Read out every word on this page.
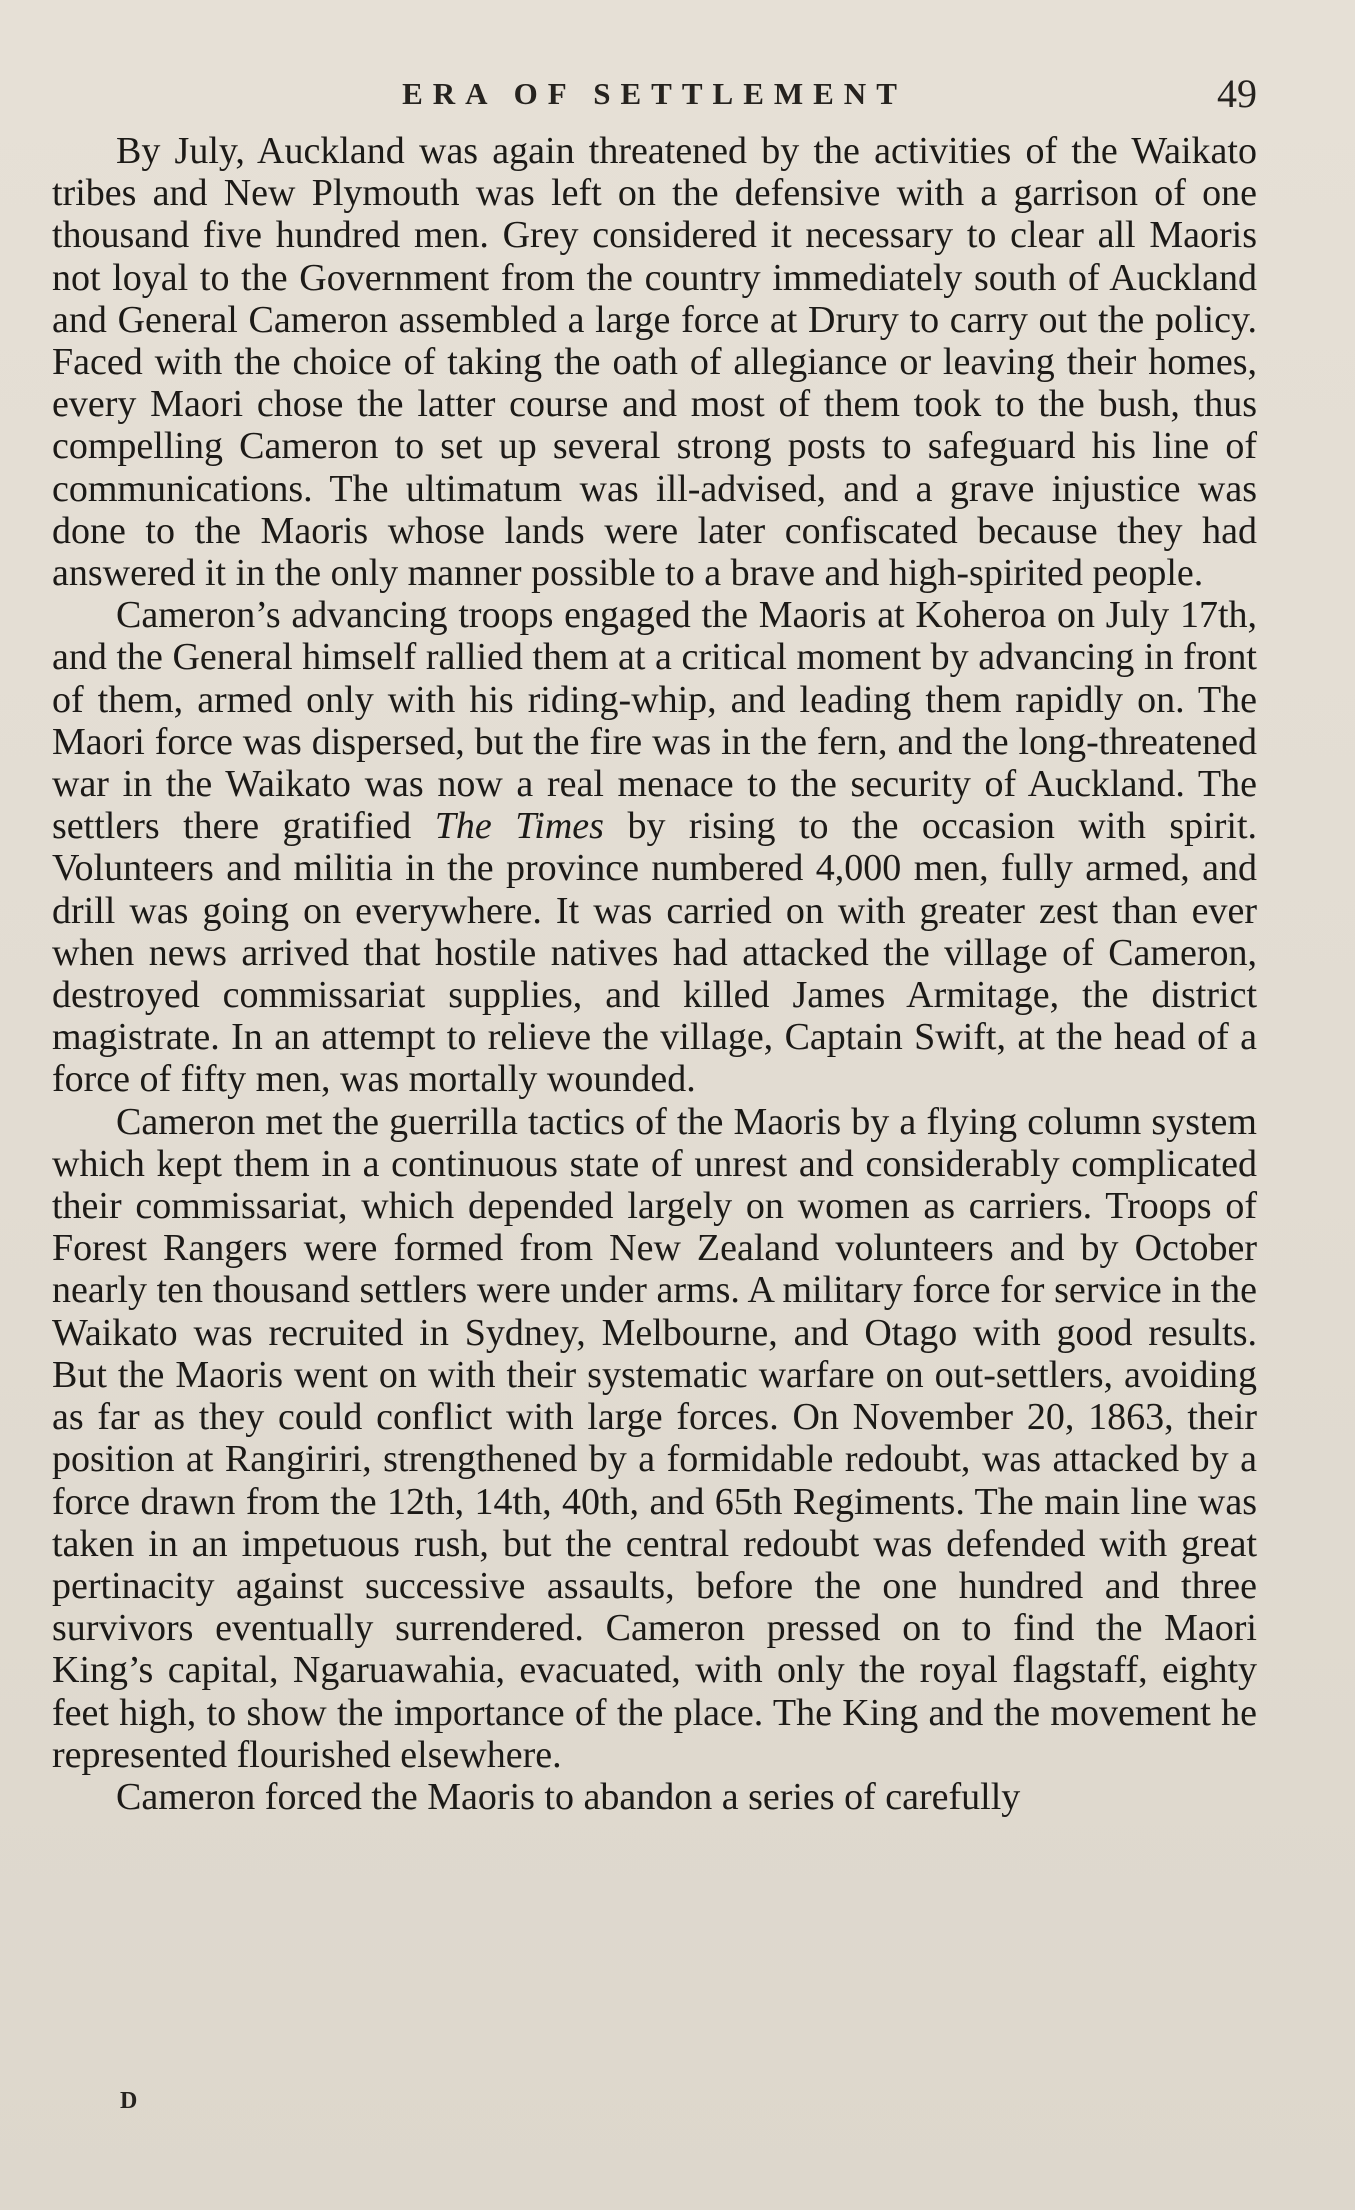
ERA OF SETTLEMENT	49

By July, Auckland was again threatened by the activities of the Waikato tribes and New Plymouth was left on the defensive with a garrison of one thousand five hundred men. Grey considered it necessary to clear all Maoris not loyal to the Government from the country immediately south of Auckland and General Cameron assembled a large force at Drury to carry out the policy. Faced with the choice of taking the oath of allegiance or leaving their homes, every Maori chose the latter course and most of them took to the bush, thus compelling Cameron to set up several strong posts to safeguard his line of communications. The ultimatum was ill-advised, and a grave injustice was done to the Maoris whose lands were later confiscated because they had answered it in the only manner possible to a brave and high-spirited people.

Cameron’s advancing troops engaged the Maoris at Koheroa on July 17th, and the General himself rallied them at a critical moment by advancing in front of them, armed only with his riding-whip, and leading them rapidly on. The Maori force was dispersed, but the fire was in the fern, and the long-threatened war in the Waikato was now a real menace to the security of Auckland. The settlers there gratified The Times by rising to the occasion with spirit. Volunteers and militia in the province numbered 4,000 men, fully armed, and drill was going on everywhere. It was carried on with greater zest than ever when news arrived that hostile natives had attacked the village of Cameron, destroyed commissariat supplies, and killed James Armitage, the district magistrate. In an attempt to relieve the village, Captain Swift, at the head of a force of fifty men, was mortally wounded.

Cameron met the guerrilla tactics of the Maoris by a flying column system which kept them in a continuous state of unrest and considerably complicated their commissariat, which depended largely on women as carriers. Troops of Forest Rangers were formed from New Zealand volunteers and by October nearly ten thousand settlers were under arms. A military force for service in the Waikato was recruited in Sydney, Melbourne, and Otago with good results. But the Maoris went on with their systematic warfare on out-settlers, avoiding as far as they could conflict with large forces. On November 20, 1863, their position at Rangiriri, strengthened by a formidable redoubt, was attacked by a force drawn from the 12th, 14th, 40th, and 65th Regiments. The main line was taken in an impetuous rush, but the central redoubt was defended with great pertinacity against successive assaults, before the one hundred and three survivors eventually surrendered. Cameron pressed on to find the Maori King’s capital, Ngaruawahia, evacuated, with only the royal flagstaff, eighty feet high, to show the importance of the place. The King and the movement he represented flourished elsewhere.

Cameron forced the Maoris to abandon a series of carefully

D
